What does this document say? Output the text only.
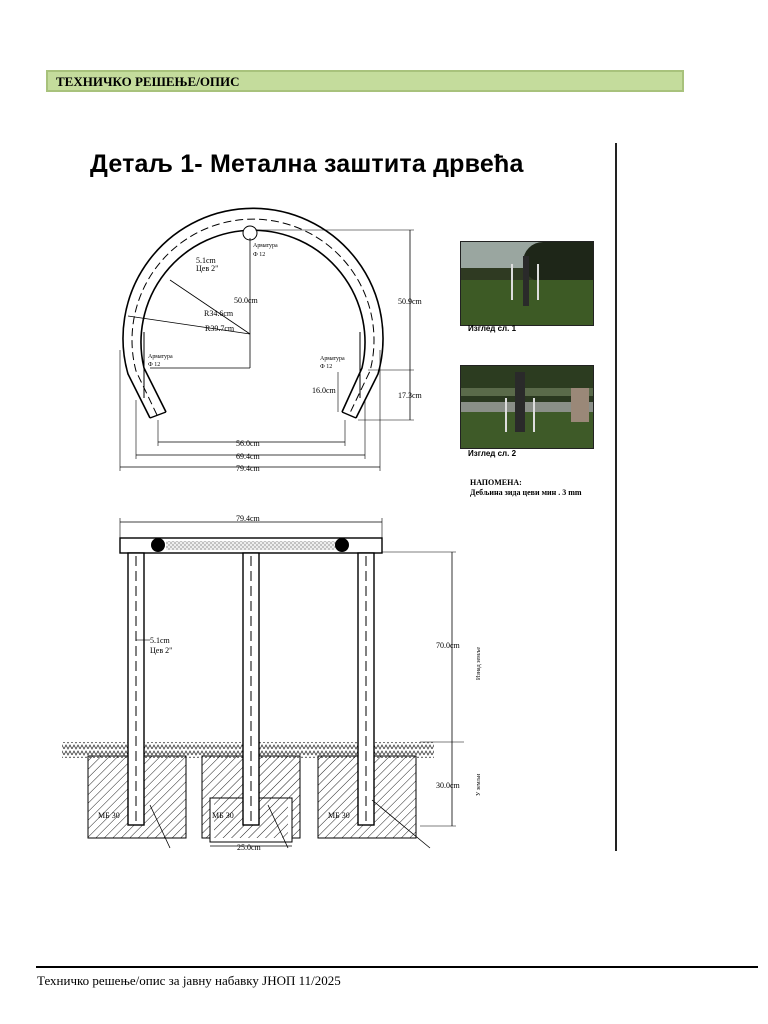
ТЕХНИЧКО РЕШЕЊЕ/ОПИС
Детаљ 1- Метална заштита дрвећа
Арматура
Ф 12
5.1cm
Цев 2"
50.0cm
R34.6cm
R39.7cm
50.9cm
Арматура
Ф 12
Арматура
Ф 12
16.0cm
17.3cm
56.0cm
69.4cm
79.4cm
79.4cm
5.1cm
Цев 2"
70.0cm
Изнад земље
30.0cm	У земљи
МБ 30	МБ 30	МБ 30
25.0cm
Изглед сл. 1
Изглед сл. 2
НАПОМЕНА:
Дебљина зида цеви мин . 3 mm
Техничко решење/опис за јавну набавку ЈНОП 11/2025
